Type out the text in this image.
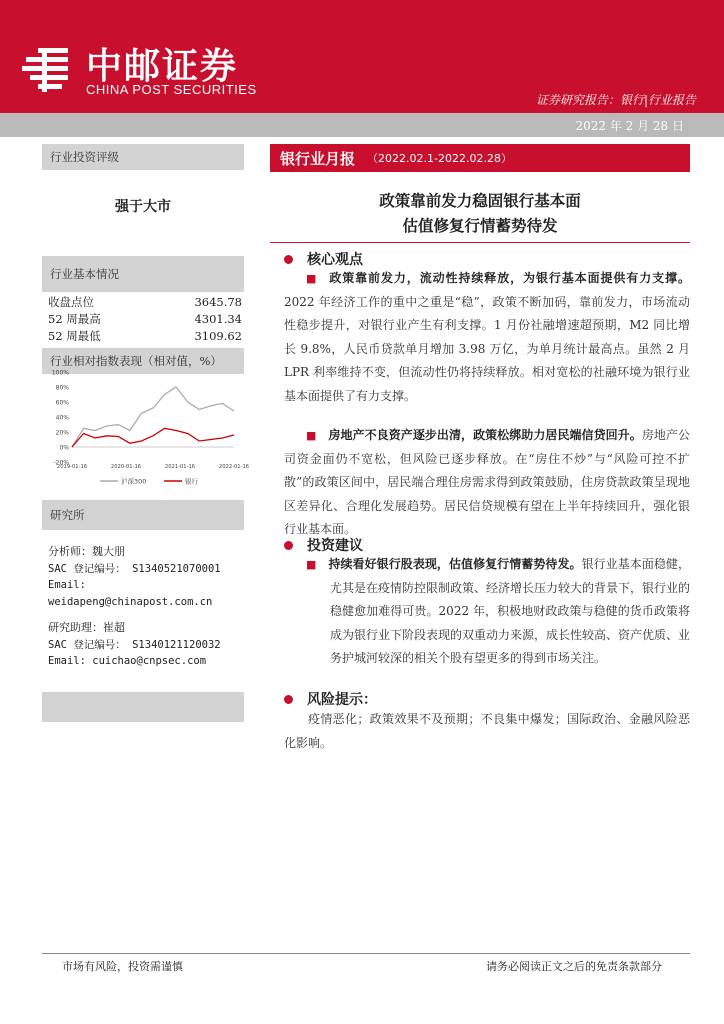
中邮证券
CHINA POST SECURITIES
证券研究报告：银行|行业报告
2022 年 2 月 28 日
行业投资评级
强于大市
行业基本情况
收盘点位	3645.78
52 周最高	4301.34
52 周最低	3109.62
行业相对指数表现（相对值，%）
100%
80%
60%
40%
20%
0%
-20%
2019-01-16	2020-01-16	2021-01-16	2022-01-16
沪深300	银行
研究所
分析师：魏大朋
SAC 登记编号： S1340521070001
Email: weidapeng@chinapost.com.cn
研究助理：崔超
SAC 登记编号： S1340121120032
Email: cuichao@cnpsec.com
银行业月报 （2022.02.1-2022.02.28）
政策靠前发力稳固银行基本面
估值修复行情蓄势待发
核心观点
■ 政策靠前发力，流动性持续释放，为银行基本面提供有力支撑。2022 年经济工作的重中之重是“稳”，政策不断加码，靠前发力，市场流动性稳步提升，对银行业产生有利支撑。1 月份社融增速超预期，M2 同比增长 9.8%，人民币贷款单月增加 3.98 万亿，为单月统计最高点。虽然 2 月 LPR 利率维持不变，但流动性仍将持续释放。相对宽松的社融环境为银行业基本面提供了有力支撑。
■ 房地产不良资产逐步出清，政策松绑助力居民端信贷回升。房地产公司资金面仍不宽松，但风险已逐步释放。在“房住不炒”与“风险可控不扩散”的政策区间中，居民端合理住房需求得到政策鼓励，住房贷款政策呈现地区差异化、合理化发展趋势。居民信贷规模有望在上半年持续回升，强化银行业基本面。
投资建议
■ 持续看好银行股表现，估值修复行情蓄势待发。银行业基本面稳健，尤其是在疫情防控限制政策、经济增长压力较大的背景下，银行业的稳健愈加难得可贵。2022 年，积极地财政政策与稳健的货币政策将成为银行业下阶段表现的双重动力来源，成长性较高、资产优质、业务护城河较深的相关个股有望更多的得到市场关注。
风险提示：
疫情恶化；政策效果不及预期；不良集中爆发；国际政治、金融风险恶化影响。
市场有风险，投资需谨慎	请务必阅读正文之后的免责条款部分
